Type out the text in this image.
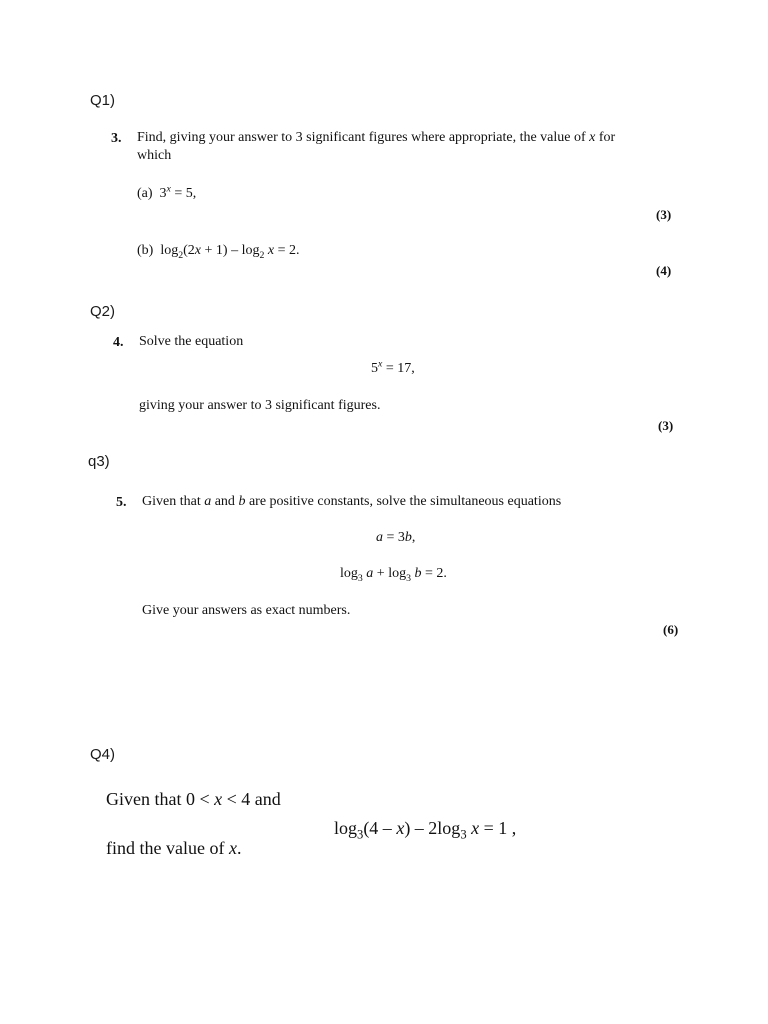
Q1)
3. Find, giving your answer to 3 significant figures where appropriate, the value of x for
which
(a) $3^x = 5$,
(3)
(b) $\log_2(2x + 1) - \log_2 x = 2$.
(4)
Q2)
4. Solve the equation
$5^x = 17$,
giving your answer to 3 significant figures.
(3)
q3)
5. Given that a and b are positive constants, solve the simultaneous equations
a = 3b,
$\log_3 a + \log_3 b = 2$.
Give your answers as exact numbers.
(6)
Q4)
Given that 0 < x < 4 and
$\log_3(4 - x) - 2\log_3$ x = 1 ,
find the value of x.
